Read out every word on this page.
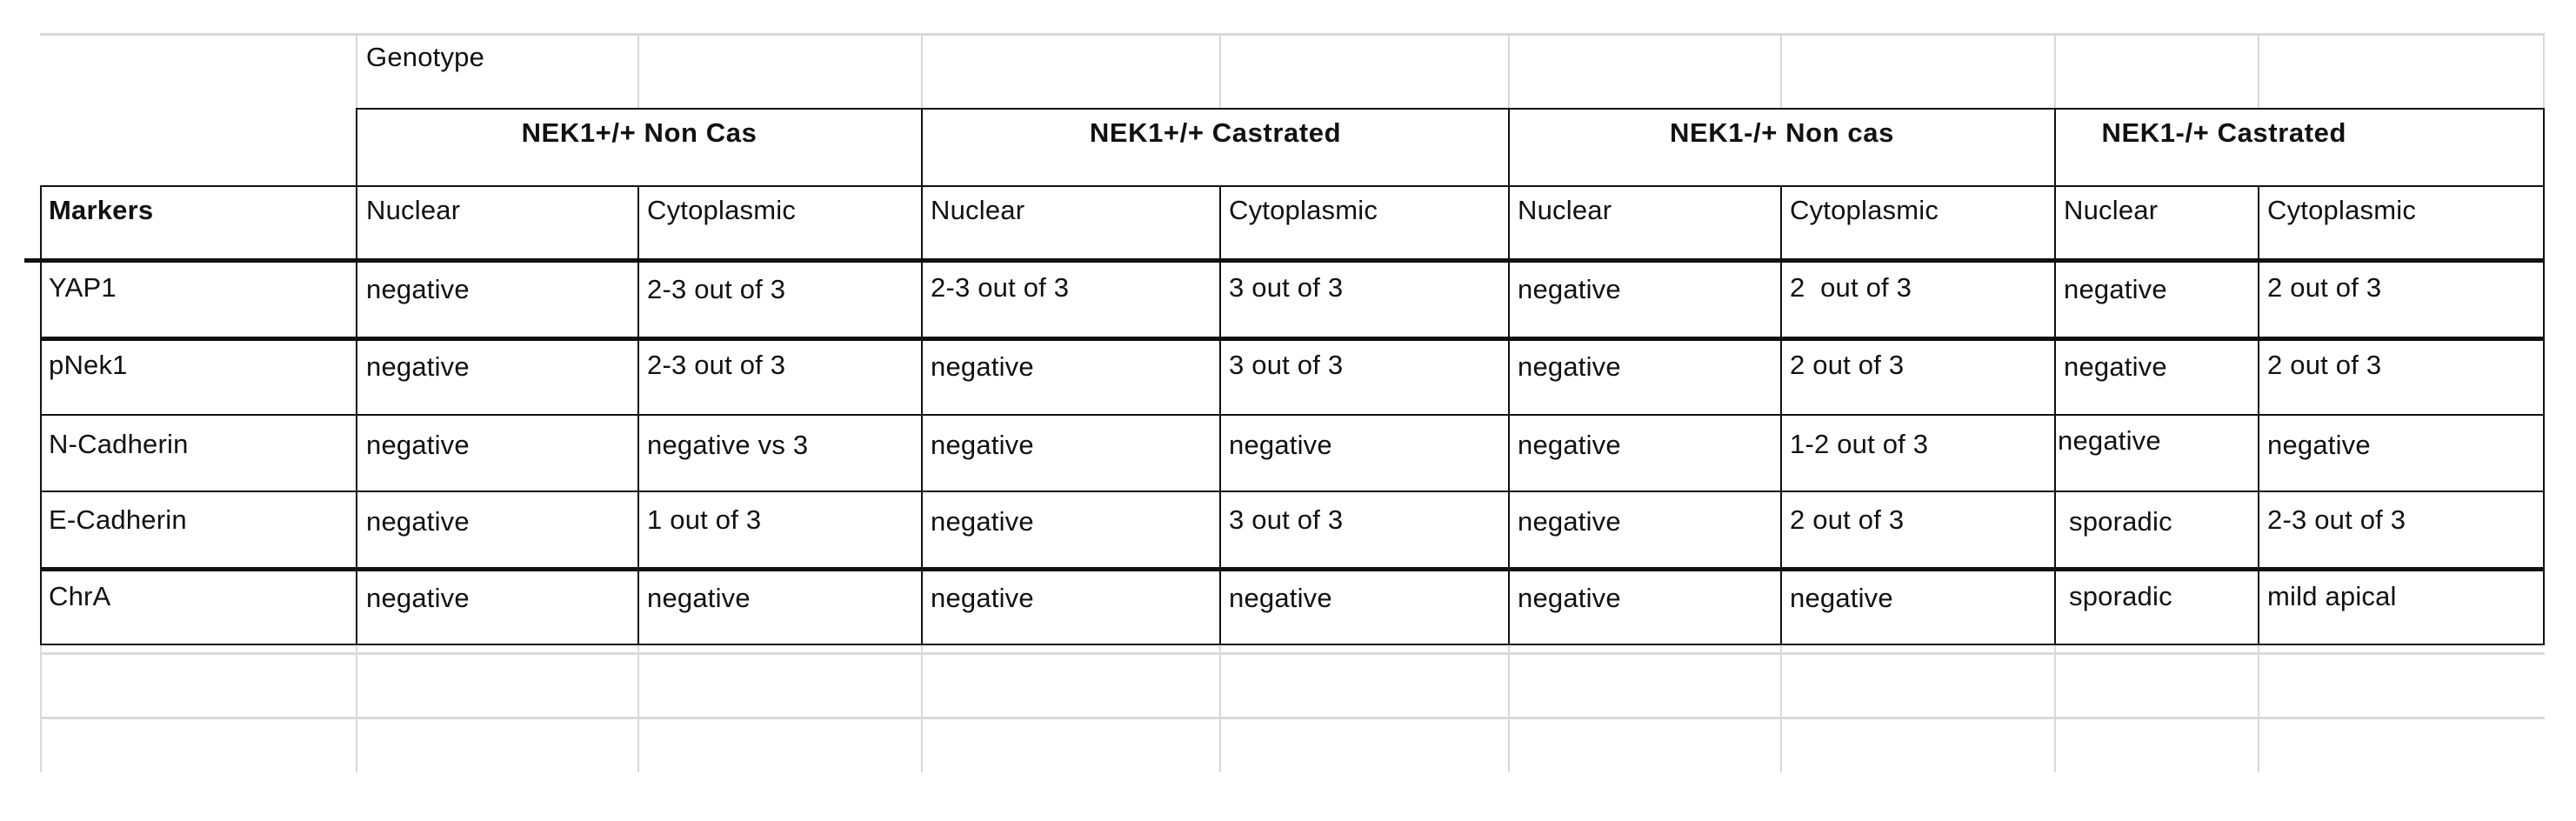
Genotype
NEK1+/+ Non Cas	NEK1+/+ Castrated	NEK1-/+ Non cas	NEK1-/+ Castrated
Markers	Nuclear	Cytoplasmic	Nuclear	Cytoplasmic	Nuclear	Cytoplasmic	Nuclear	Cytoplasmic
YAP1	negative	2-3 out of 3	2-3 out of 3	3 out of 3	negative	2  out of 3	negative	2 out of 3
pNek1	negative	2-3 out of 3	negative	3 out of 3	negative	2 out of 3	negative	2 out of 3
N-Cadherin	negative	negative vs 3	negative	negative	negative	1-2 out of 3	negative	negative
E-Cadherin	negative	1 out of 3	negative	3 out of 3	negative	2 out of 3	sporadic	2-3 out of 3
ChrA	negative	negative	negative	negative	negative	negative	sporadic	mild apical
